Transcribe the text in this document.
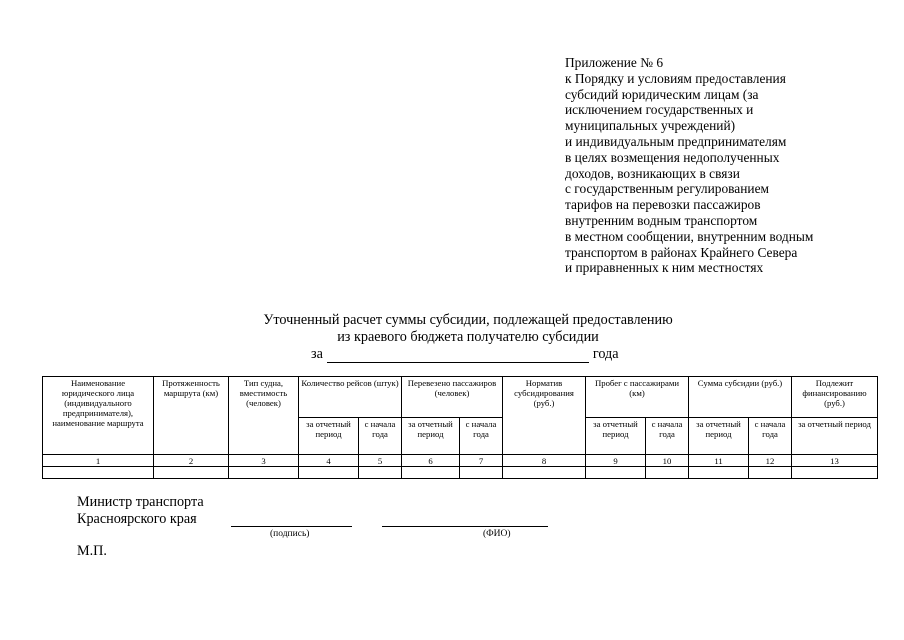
Приложение № 6
к Порядку и условиям предоставления
субсидий юридическим лицам (за
исключением государственных и
муниципальных учреждений)
и индивидуальным предпринимателям
в целях возмещения недополученных
доходов, возникающих в связи
с государственным регулированием
тарифов на перевозки пассажиров
внутренним водным транспортом
в местном сообщении, внутренним водным
транспортом в районах Крайнего Севера
и приравненных к ним местностях
Уточненный расчет суммы субсидии, подлежащей предоставлению
из краевого бюджета получателю субсидии
за	года
Наименование юридического лица (индивидуального предпринимателя), наименование маршрута	Протяженность маршрута (км)	Тип судна, вместимость (человек)	Количество рейсов (штук)		Перевезено пассажиров (человек)		Норматив субсидирования (руб.)	Пробег с пассажирами (км)		Сумма субсидии (руб.)		Подлежит финансированию (руб.)
			за отчетный период	с начала года	за отчетный период	с начала года		за отчетный период	с начала года	за отчетный период	с начала года	за отчетный период
1	2	3	4	5	6	7	8	9	10	11	12	13

Министр транспорта
Красноярского края
(подпись)	(ФИО)
М.П.
